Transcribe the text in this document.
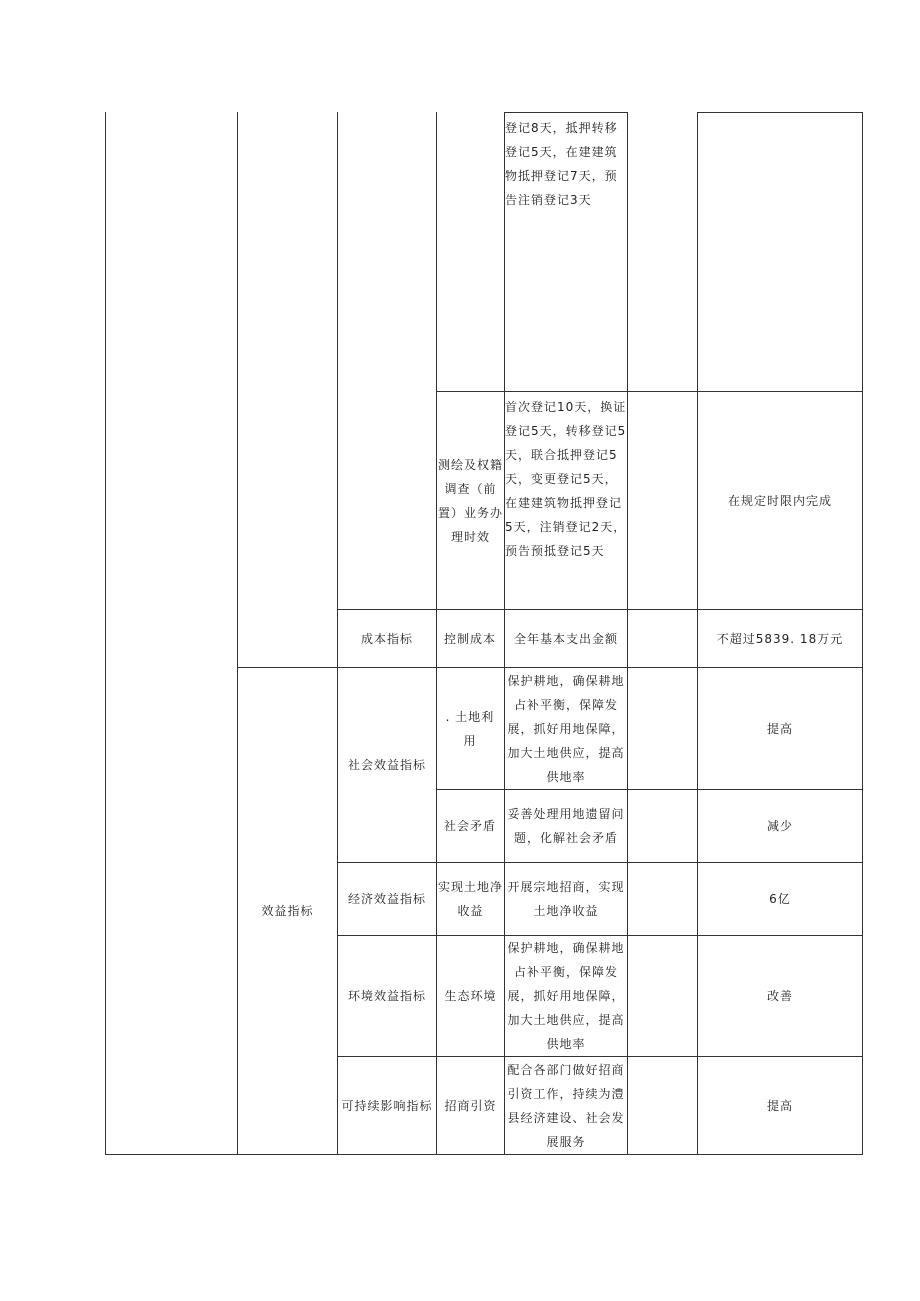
登记8天，抵押转移登记5天，在建建筑物抵押登记7天，预告注销登记3天
测绘及权籍调查（前置）业务办理时效
首次登记10天，换证登记5天，转移登记5天，联合抵押登记5天，变更登记5天，在建建筑物抵押登记5天，注销登记2天，预告预抵登记5天
在规定时限内完成
成本指标	控制成本 全年基本支出金额	不超过5839. 18万元
效益指标
社会效益指标
. 土地利用
保护耕地，确保耕地占补平衡，保障发展，抓好用地保障，加大土地供应，提高供地率
提高
社会矛盾
妥善处理用地遗留问题，化解社会矛盾
减少
经济效益指标
实现土地净收益
开展宗地招商，实现土地净收益
6亿
环境效益指标 生态环境
保护耕地，确保耕地占补平衡，保障发展，抓好用地保障，加大土地供应，提高供地率
改善
可持续影响指标 招商引资
配合各部门做好招商引资工作，持续为澧县经济建设、社会发展服务
提高
